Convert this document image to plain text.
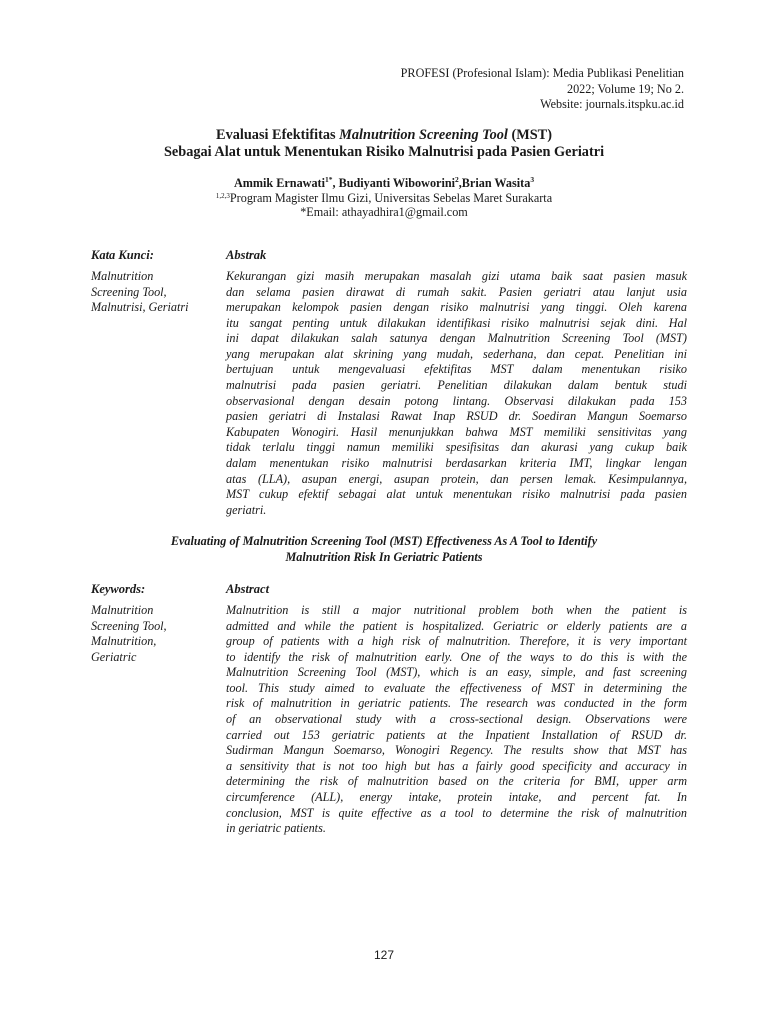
PROFESI (Profesional Islam): Media Publikasi Penelitian
2022; Volume 19; No 2.
Website: journals.itspku.ac.id
Evaluasi Efektifitas Malnutrition Screening Tool (MST)
Sebagai Alat untuk Menentukan Risiko Malnutrisi pada Pasien Geriatri
Ammik Ernawati$^{1*}$, Budiyanti Wiboworini$^2$,Brian Wasita$^3$
$^{1,2,3}$Program Magister Ilmu Gizi, Universitas Sebelas Maret Surakarta
*Email: athayadhira1@gmail.com
Kata Kunci:	Abstrak
Malnutrition
Screening Tool,
Malnutrisi, Geriatri
Kekurangan gizi masih merupakan masalah gizi utama baik saat pasien masuk
dan selama pasien dirawat di rumah sakit. Pasien geriatri atau lanjut usia
merupakan kelompok pasien dengan risiko malnutrisi yang tinggi. Oleh karena
itu sangat penting untuk dilakukan identifikasi risiko malnutrisi sejak dini. Hal
ini dapat dilakukan salah satunya dengan Malnutrition Screening Tool (MST)
yang merupakan alat skrining yang mudah, sederhana, dan cepat. Penelitian ini
bertujuan untuk mengevaluasi efektifitas MST dalam menentukan risiko
malnutrisi pada pasien geriatri. Penelitian dilakukan dalam bentuk studi
observasional dengan desain potong lintang. Observasi dilakukan pada 153
pasien geriatri di Instalasi Rawat Inap RSUD dr. Soediran Mangun Soemarso
Kabupaten Wonogiri. Hasil menunjukkan bahwa MST memiliki sensitivitas yang
tidak terlalu tinggi namun memiliki spesifisitas dan akurasi yang cukup baik
dalam menentukan risiko malnutrisi berdasarkan kriteria IMT, lingkar lengan
atas (LLA), asupan energi, asupan protein, dan persen lemak. Kesimpulannya,
MST cukup efektif sebagai alat untuk menentukan risiko malnutrisi pada pasien
geriatri.
Evaluating of Malnutrition Screening Tool (MST) Effectiveness As A Tool to Identify
Malnutrition Risk In Geriatric Patients
Keywords:	Abstract
Malnutrition
Screening Tool,
Malnutrition,
Geriatric
Malnutrition is still a major nutritional problem both when the patient is
admitted and while the patient is hospitalized. Geriatric or elderly patients are a
group of patients with a high risk of malnutrition. Therefore, it is very important
to identify the risk of malnutrition early. One of the ways to do this is with the
Malnutrition Screening Tool (MST), which is an easy, simple, and fast screening
tool. This study aimed to evaluate the effectiveness of MST in determining the
risk of malnutrition in geriatric patients. The research was conducted in the form
of an observational study with a cross-sectional design. Observations were
carried out 153 geriatric patients at the Inpatient Installation of RSUD dr.
Sudirman Mangun Soemarso, Wonogiri Regency. The results show that MST has
a sensitivity that is not too high but has a fairly good specificity and accuracy in
determining the risk of malnutrition based on the criteria for BMI, upper arm
circumference (ALL), energy intake, protein intake, and percent fat. In
conclusion, MST is quite effective as a tool to determine the risk of malnutrition
in geriatric patients.
127
